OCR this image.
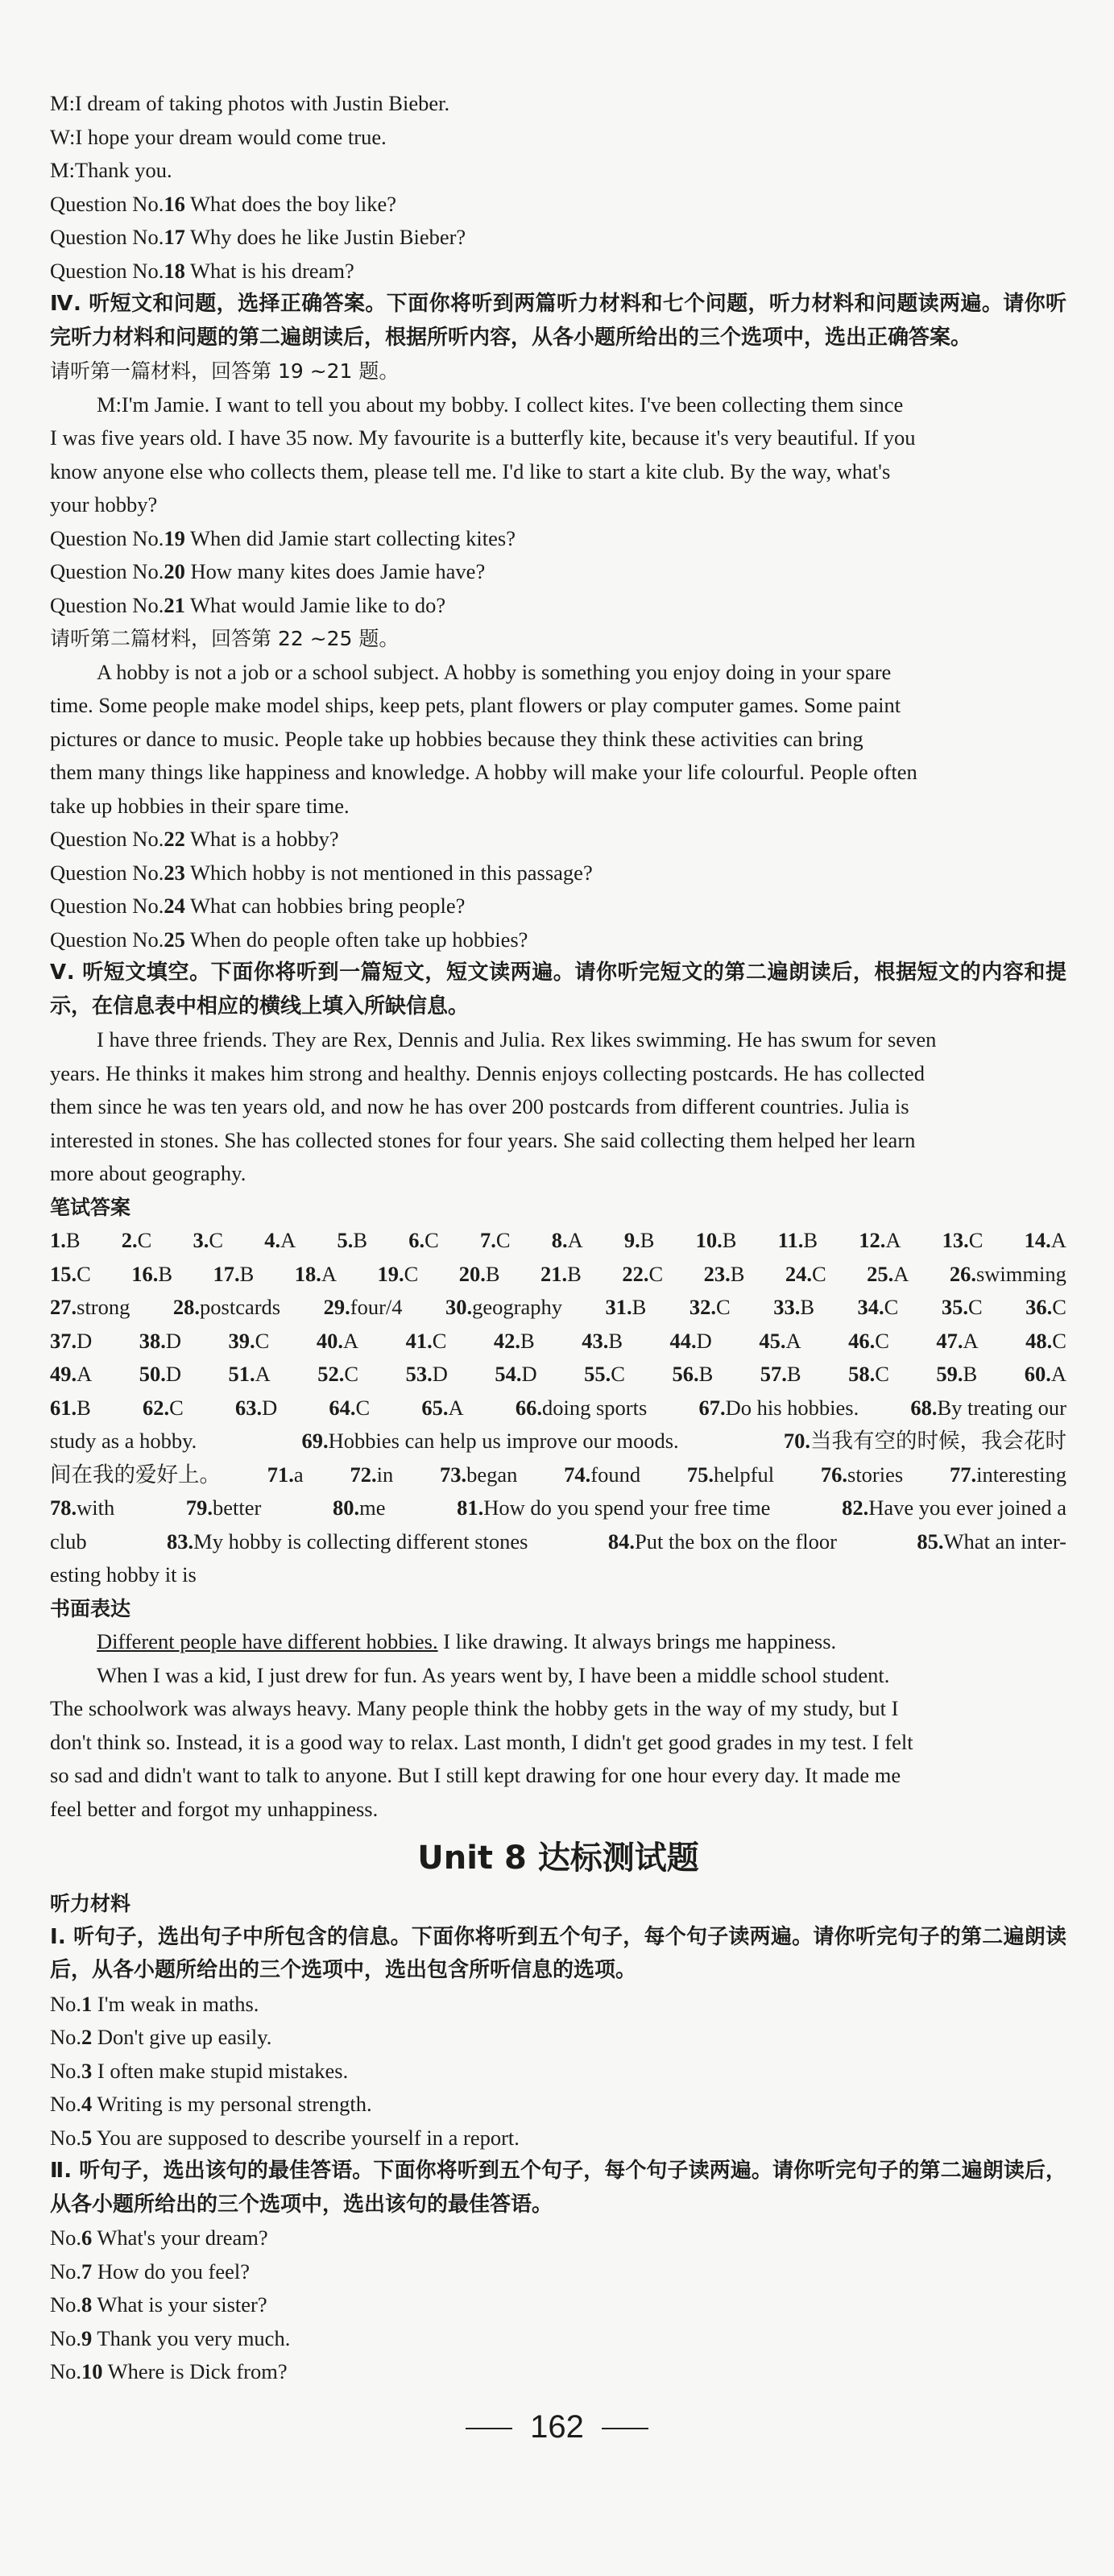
M:I dream of taking photos with Justin Bieber.
W:I hope your dream would come true.
M:Thank you.
Question No.16 What does the boy like?
Question No.17 Why does he like Justin Bieber?
Question No.18 What is his dream?
Ⅳ. 听短文和问题，选择正确答案。下面你将听到两篇听力材料和七个问题，听力材料和问题读两遍。请你听完听力材料和问题的第二遍朗读后，根据所听内容，从各小题所给出的三个选项中，选出正确答案。
请听第一篇材料，回答第 19 ~21 题。
M:I'm Jamie. I want to tell you about my bobby. I collect kites. I've been collecting them since
I was five years old. I have 35 now. My favourite is a butterfly kite, because it's very beautiful. If you
know anyone else who collects them, please tell me. I'd like to start a kite club. By the way, what's
your hobby?
Question No.19 When did Jamie start collecting kites?
Question No.20 How many kites does Jamie have?
Question No.21 What would Jamie like to do?
请听第二篇材料，回答第 22 ~25 题。
A hobby is not a job or a school subject. A hobby is something you enjoy doing in your spare
time. Some people make model ships, keep pets, plant flowers or play computer games. Some paint
pictures or dance to music. People take up hobbies because they think these activities can bring
them many things like happiness and knowledge. A hobby will make your life colourful. People often
take up hobbies in their spare time.
Question No.22 What is a hobby?
Question No.23 Which hobby is not mentioned in this passage?
Question No.24 What can hobbies bring people?
Question No.25 When do people often take up hobbies?
Ⅴ. 听短文填空。下面你将听到一篇短文，短文读两遍。请你听完短文的第二遍朗读后，根据短文的内容和提示，在信息表中相应的横线上填入所缺信息。
I have three friends. They are Rex, Dennis and Julia. Rex likes swimming. He has swum for seven
years. He thinks it makes him strong and healthy. Dennis enjoys collecting postcards. He has collected
them since he was ten years old, and now he has over 200 postcards from different countries. Julia is
interested in stones. She has collected stones for four years. She said collecting them helped her learn
more about geography.
笔试答案
1.B 2.C 3.C 4.A 5.B 6.C 7.C 8.A 9.B 10.B 11.B 12.A 13.C 14.A
15.C 16.B 17.B 18.A 19.C 20.B 21.B 22.C 23.B 24.C 25.A 26.swimming
27.strong 28.postcards 29.four/4 30.geography 31.B 32.C 33.B 34.C 35.C 36.C
37.D 38.D 39.C 40.A 41.C 42.B 43.B 44.D 45.A 46.C 47.A 48.C
49.A 50.D 51.A 52.C 53.D 54.D 55.C 56.B 57.B 58.C 59.B 60.A
61.B 62.C 63.D 64.C 65.A 66.doing sports 67.Do his hobbies. 68.By treating our
study as a hobby.	69.Hobbies can help us improve our moods.	70.当我有空的时候，我会花时
间在我的爱好上。 71.a 72.in 73.began 74.found 75.helpful 76.stories 77.interesting
78.with	79.better	80.me	81.How do you spend your free time	82.Have you ever joined a
club	83.My hobby is collecting different stones	84.Put the box on the floor	85.What an inter-
esting hobby it is
书面表达
Different people have different hobbies. I like drawing. It always brings me happiness.
When I was a kid, I just drew for fun. As years went by, I have been a middle school student.
The schoolwork was always heavy. Many people think the hobby gets in the way of my study, but I
don't think so. Instead, it is a good way to relax. Last month, I didn't get good grades in my test. I felt
so sad and didn't want to talk to anyone. But I still kept drawing for one hour every day. It made me
feel better and forgot my unhappiness.
Unit 8 达标测试题
听力材料
Ⅰ. 听句子，选出句子中所包含的信息。下面你将听到五个句子，每个句子读两遍。请你听完句子的第二遍朗读后，从各小题所给出的三个选项中，选出包含所听信息的选项。
No.1 I'm weak in maths.
No.2 Don't give up easily.
No.3 I often make stupid mistakes.
No.4 Writing is my personal strength.
No.5 You are supposed to describe yourself in a report.
Ⅱ. 听句子，选出该句的最佳答语。下面你将听到五个句子，每个句子读两遍。请你听完句子的第二遍朗读后，从各小题所给出的三个选项中，选出该句的最佳答语。
No.6 What's your dream?
No.7 How do you feel?
No.8 What is your sister?
No.9 Thank you very much.
No.10 Where is Dick from?
162
